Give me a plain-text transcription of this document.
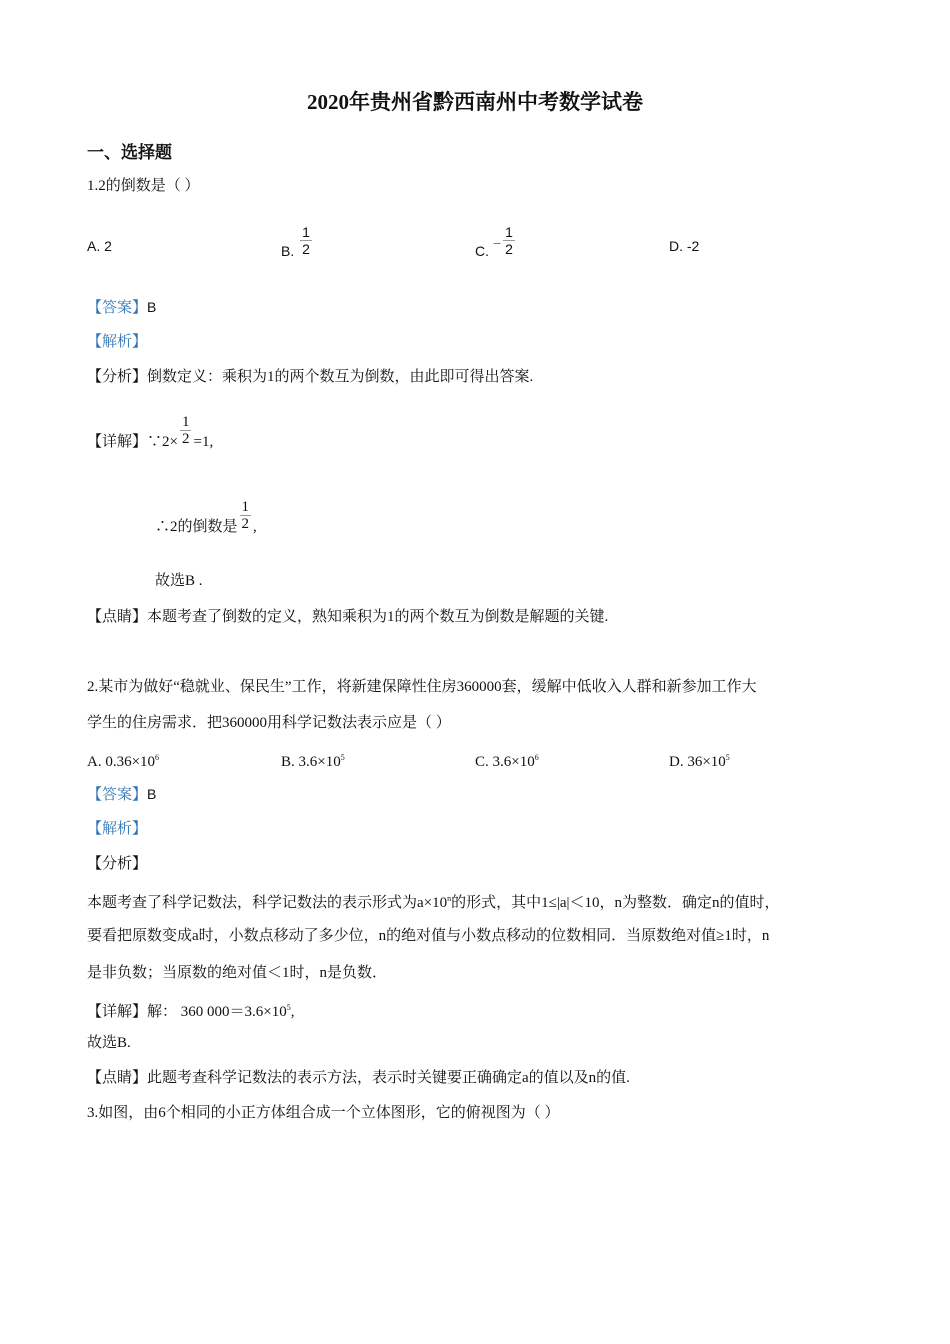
2020年贵州省黔西南州中考数学试卷
一、选择题
1.2的倒数是（ ）
A. 2	B. $\frac{1}{2}$	C. − $\frac{1}{2}$	D. -2
【答案】B
【解析】
【分析】倒数定义：乘积为1的两个数互为倒数，由此即可得出答案.
【详解】∵2× $\frac{1}{2} =1$,
∴2的倒数是 $\frac{1}{2}$ ,
故选B .
【点睛】本题考查了倒数的定义，熟知乘积为1的两个数互为倒数是解题的关键.
2.某市为做好“稳就业、保民生”工作，将新建保障性住房360000套，缓解中低收入人群和新参加工作大
学生的住房需求．把360000用科学记数法表示应是（ ）
A. $0.36\times 10^6$	B. $3.6\times 10^5$	C. $3.6\times 10^6$	D. $36\times 10^5$
【答案】B
【解析】
【分析】
本题考查了科学记数法，科学记数法的表示形式为$a\times 10^n$的形式，其中1≤|a|＜10，n为整数．确定n的值时，
要看把原数变成a时，小数点移动了多少位，n的绝对值与小数点移动的位数相同．当原数绝对值≥1时，n
是非负数；当原数的绝对值＜1时，n是负数．
【详解】解： 360 $000=3.6\times 10^5$,
故选B.
【点睛】此题考查科学记数法的表示方法，表示时关键要正确确定a的值以及n的值.
3.如图，由6个相同的小正方体组合成一个立体图形，它的俯视图为（ ）
